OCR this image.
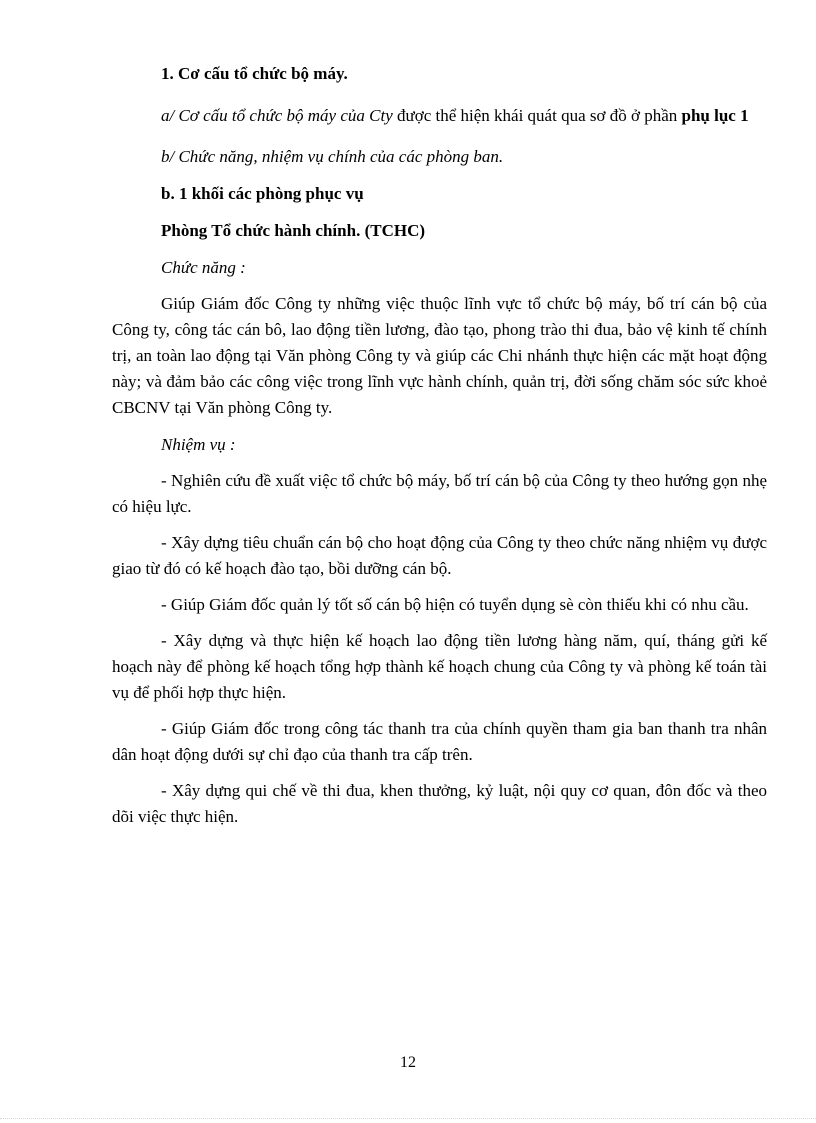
1. Cơ cấu tổ chức bộ máy.

a/ Cơ cấu tổ chức bộ máy của Cty được thể hiện khái quát qua sơ đồ ở phần phụ lục 1

b/ Chức năng, nhiệm vụ chính của các phòng ban.

b. 1 khối các phòng phục vụ

Phòng Tổ chức hành chính. (TCHC)

Chức năng :

Giúp Giám đốc Công ty những việc thuộc lĩnh vực tổ chức bộ máy, bố trí cán bộ của Công ty, công tác cán bô, lao động tiền lương, đào tạo, phong trào thi đua, bảo vệ kinh tế chính trị, an toàn lao động tại Văn phòng Công ty và giúp các Chi nhánh thực hiện các mặt hoạt động này; và đảm bảo các công việc trong lĩnh vực hành chính, quản trị, đời sống chăm sóc sức khoẻ CBCNV tại Văn phòng Công ty.

Nhiệm vụ :

- Nghiên cứu đề xuất việc tổ chức bộ máy, bố trí cán bộ của Công ty theo hướng gọn nhẹ có hiệu lực.

- Xây dựng tiêu chuẩn cán bộ cho hoạt động của Công ty theo chức năng nhiệm vụ được giao từ đó có kế hoạch đào tạo, bồi dưỡng cán bộ.

- Giúp Giám đốc quản lý tốt số cán bộ hiện có tuyển dụng sè còn thiếu khi có nhu cầu.

- Xây dựng và thực hiện kế hoạch lao động tiền lương hàng năm, quí, tháng gửi kế hoạch này để phòng kế hoạch tổng hợp thành kế hoạch chung của Công ty và phòng kế toán tài vụ để phối hợp thực hiện.

- Giúp Giám đốc trong công tác thanh tra của chính quyền tham gia ban thanh tra nhân dân hoạt động dưới sự chỉ đạo của thanh tra cấp trên.

- Xây dựng qui chế về thi đua, khen thưởng, kỷ luật, nội quy cơ quan, đôn đốc và theo dõi việc thực hiện.

12
